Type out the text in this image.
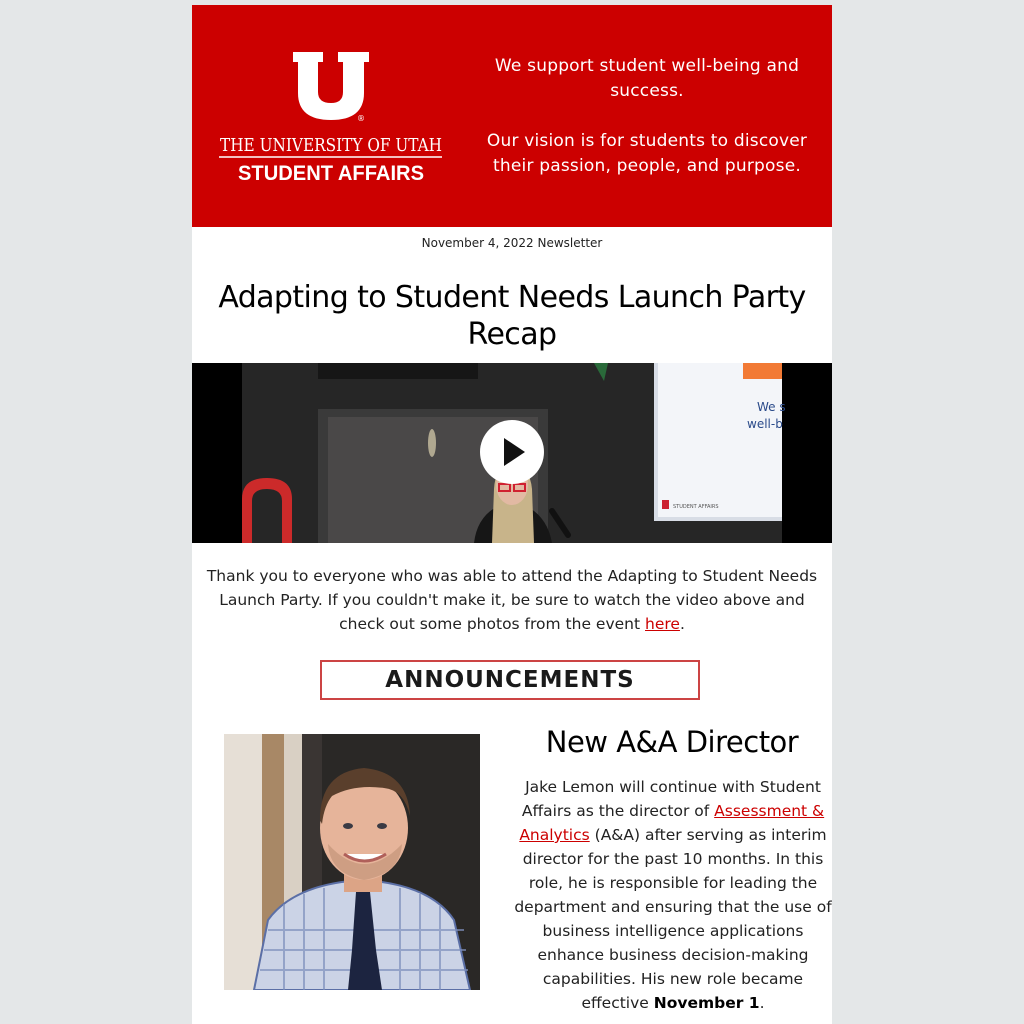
®
THE UNIVERSITY OF UTAH
STUDENT AFFAIRS

We support student well-being and success.

Our vision is for students to discover their passion, people, and purpose.

November 4, 2022 Newsletter
Adapting to Student Needs Launch Party Recap
We s
well-b
STUDENT AFFAIRS

Thank you to everyone who was able to attend the Adapting to Student Needs Launch Party. If you couldn't make it, be sure to watch the video above and check out some photos from the event here.

ANNOUNCEMENTS
New A&A Director

Jake Lemon will continue with Student Affairs as the director of Assessment & Analytics (A&A) after serving as interim director for the past 10 months. In this role, he is responsible for leading the department and ensuring that the use of business intelligence applications enhance business decision-making capabilities. His new role became effective November 1.
